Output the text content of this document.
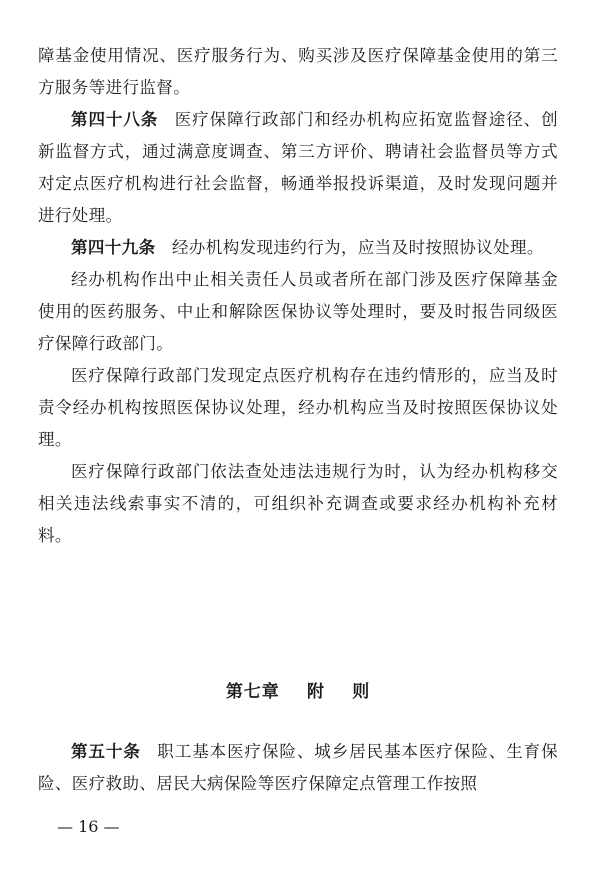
障基金使用情况、医疗服务行为、购买涉及医疗保障基金使用的第三方服务等进行监督。

第四十八条 医疗保障行政部门和经办机构应拓宽监督途径、创新监督方式，通过满意度调查、第三方评价、聘请社会监督员等方式对定点医疗机构进行社会监督，畅通举报投诉渠道，及时发现问题并进行处理。

第四十九条 经办机构发现违约行为，应当及时按照协议处理。

经办机构作出中止相关责任人员或者所在部门涉及医疗保障基金使用的医药服务、中止和解除医保协议等处理时，要及时报告同级医疗保障行政部门。

医疗保障行政部门发现定点医疗机构存在违约情形的，应当及时责令经办机构按照医保协议处理，经办机构应当及时按照医保协议处理。

医疗保障行政部门依法查处违法违规行为时，认为经办机构移交相关违法线索事实不清的，可组织补充调查或要求经办机构补充材料。

第七章 附 则

第五十条 职工基本医疗保险、城乡居民基本医疗保险、生育保险、医疗救助、居民大病保险等医疗保障定点管理工作按照

— 16 —
